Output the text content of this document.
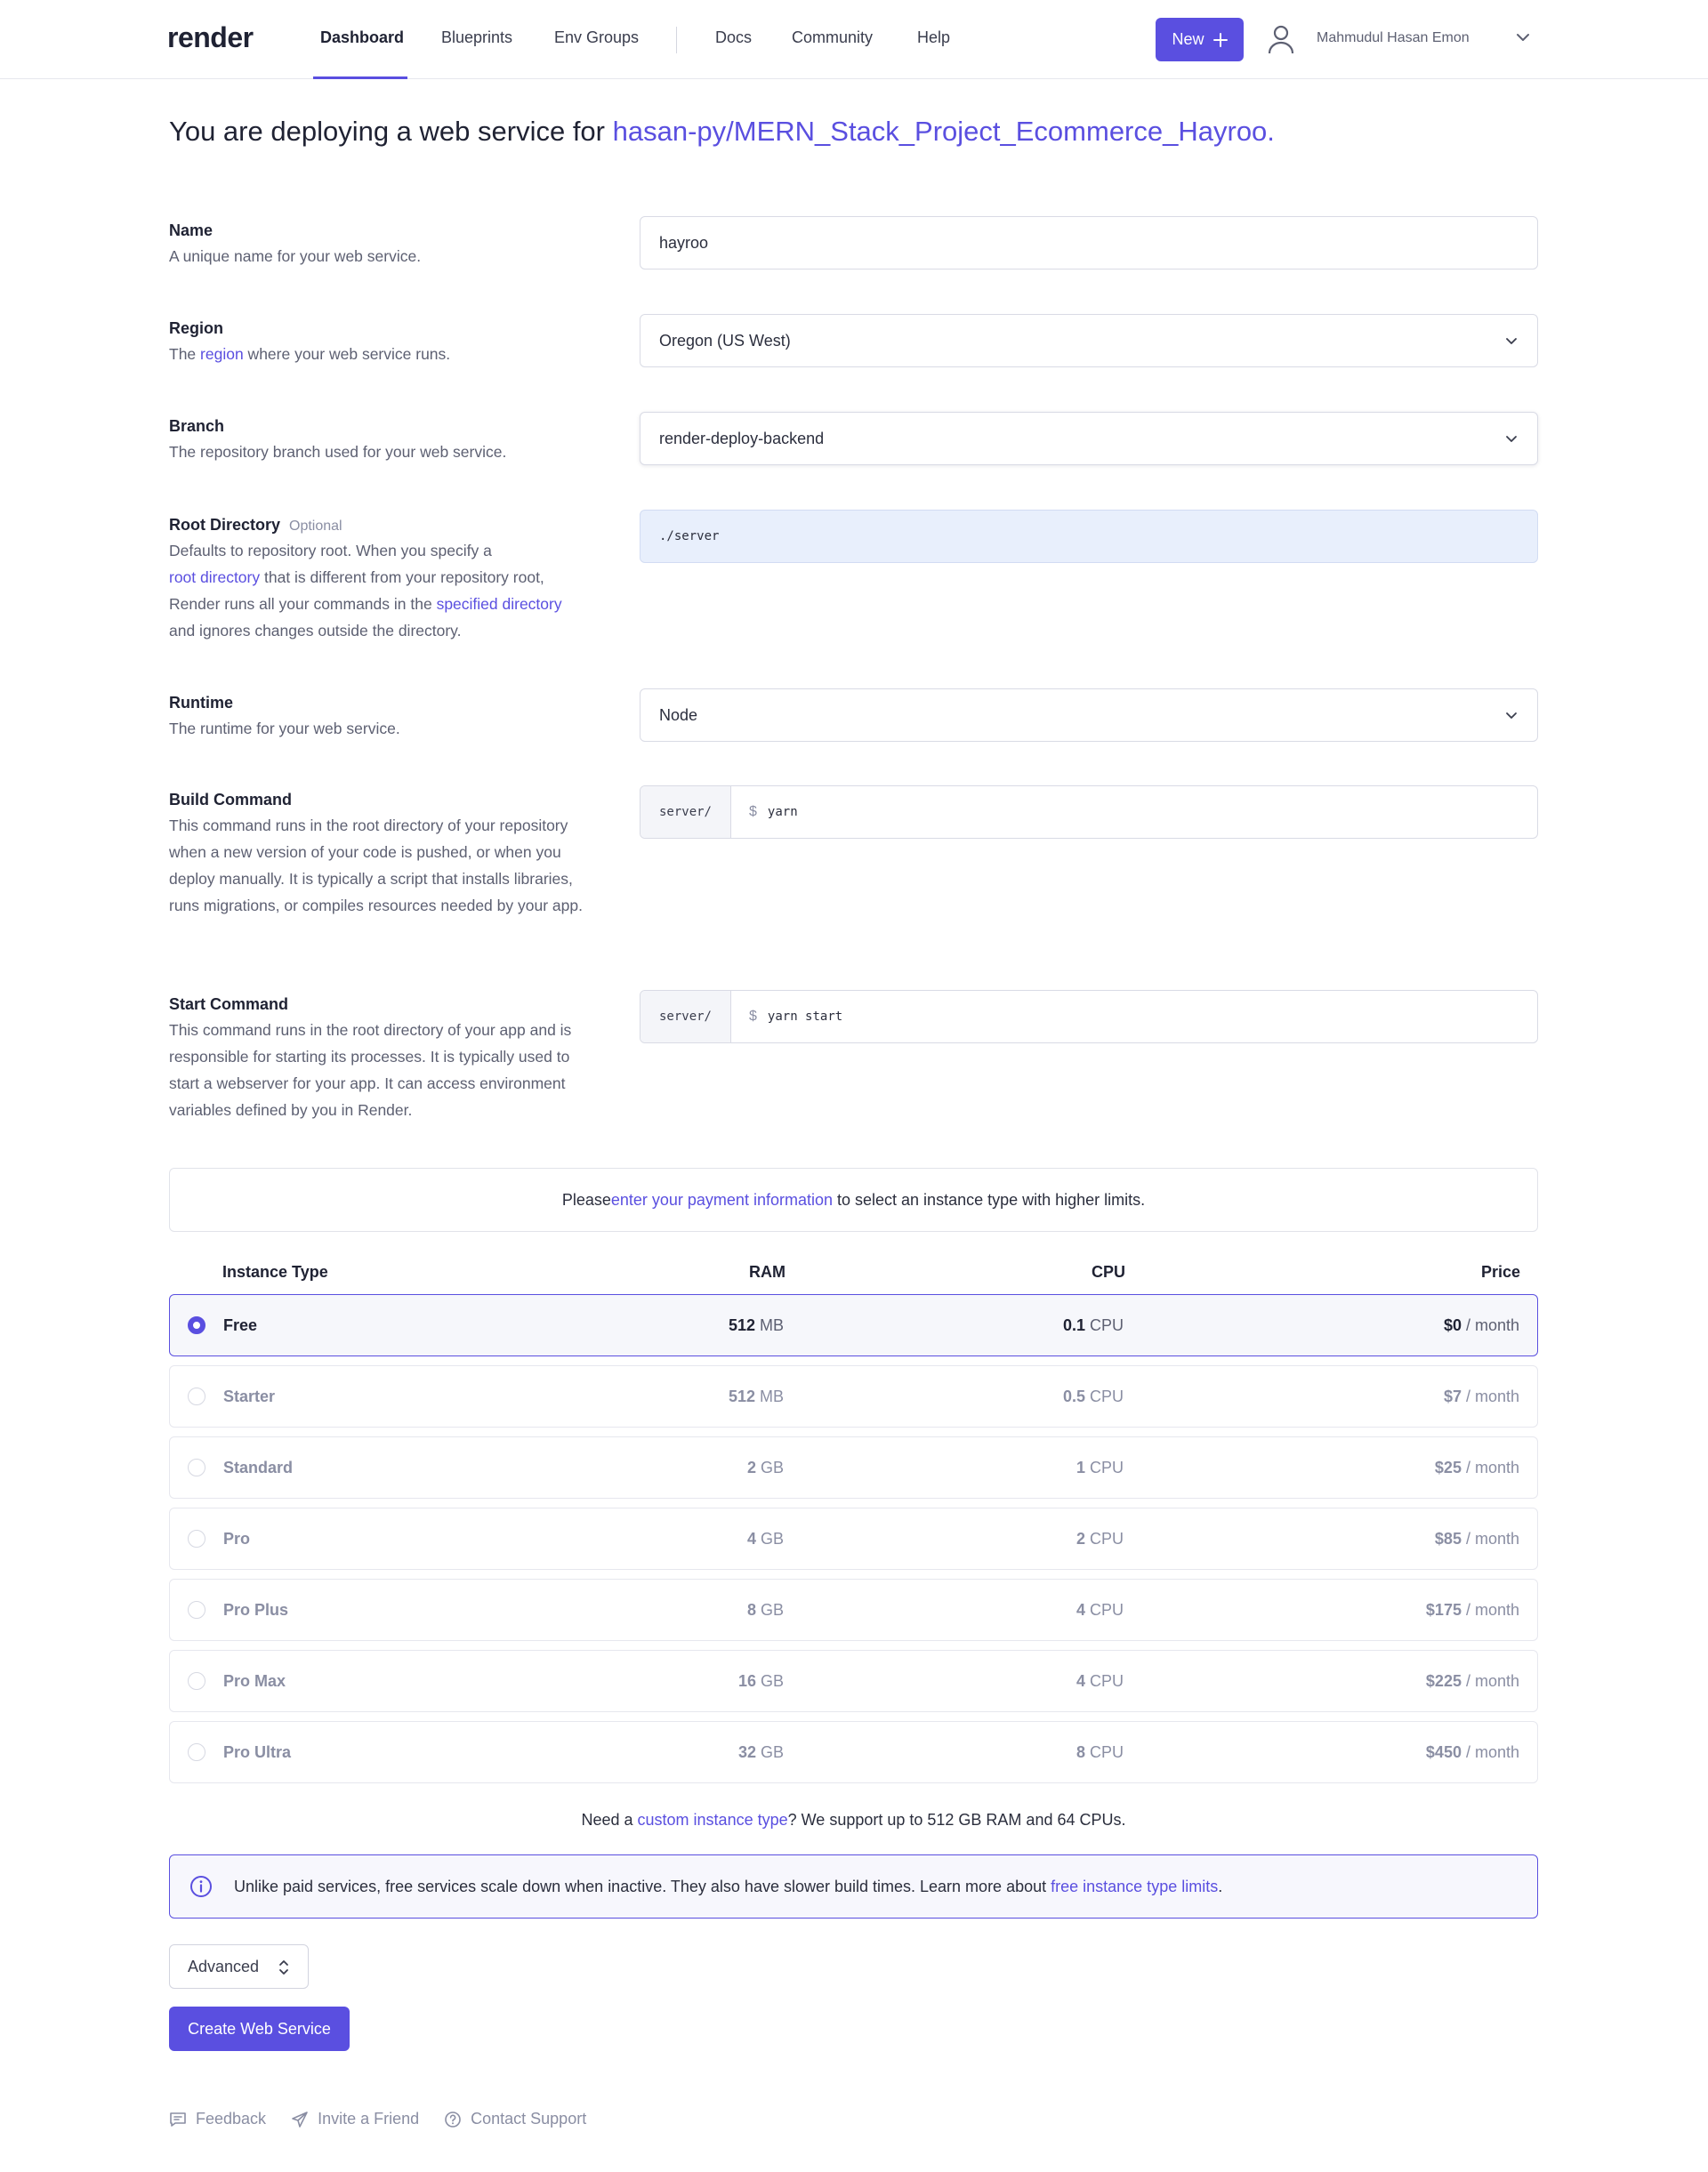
render	Dashboard Blueprints	Env Groups	Docs Community	Help	New	Mahmudul Hasan Emon
You are deploying a web service for hasan-py/MERN_Stack_Project_Ecommerce_Hayroo.
Name
A unique name for your web service.
hayroo
Region
The region where your web service runs.
Oregon (US West)
Branch
The repository branch used for your web service.
render-deploy-backend
Root Directory Optional
Defaults to repository root. When you specify a
root directory that is different from your repository root,
Render runs all your commands in the specified directory
and ignores changes outside the directory.
./server
Runtime
The runtime for your web service.
Node
Build Command
This command runs in the root directory of your repository when a new version of your code is pushed, or when you deploy manually. It is typically a script that installs libraries, runs migrations, or compiles resources needed by your app.
server/	$ yarn
Start Command
This command runs in the root directory of your app and is responsible for starting its processes. It is typically used to start a webserver for your app. It can access environment variables defined by you in Render.
server/	$ yarn start
Please enter your payment information to select an instance type with higher limits.
Instance Type	RAM	CPU	Price
Free	512 MB	0.1 CPU	$0 / month
Starter	512 MB	0.5 CPU	$7 / month
Standard	2 GB	1 CPU	$25 / month
Pro	4 GB	2 CPU	$85 / month
Pro Plus	8 GB	4 CPU	$175 / month
Pro Max	16 GB	4 CPU	$225 / month
Pro Ultra	32 GB	8 CPU	$450 / month
Need a custom instance type? We support up to 512 GB RAM and 64 CPUs.
Unlike paid services, free services scale down when inactive. They also have slower build times. Learn more about free instance type limits .
Advanced
Create Web Service
Feedback	Invite a Friend	Contact Support
